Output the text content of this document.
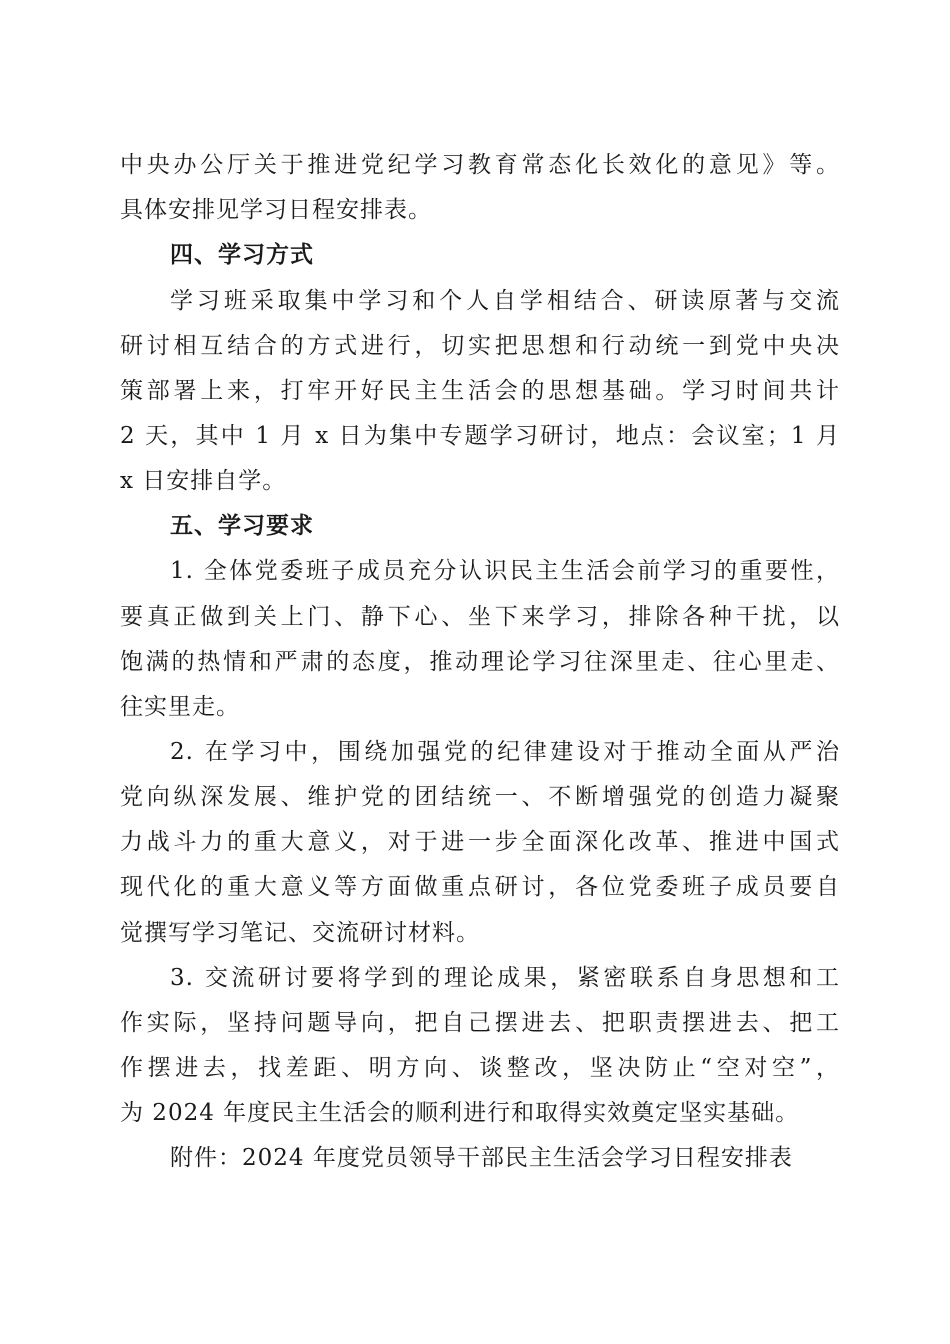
中央办公厅关于推进党纪学习教育常态化长效化的意见》等。
具体安排见学习日程安排表。
四、学习方式
学习班采取集中学习和个人自学相结合、研读原著与交流
研讨相互结合的方式进行，切实把思想和行动统一到党中央决
策部署上来，打牢开好民主生活会的思想基础。学习时间共计
2 天，其中 1 月 x 日为集中专题学习研讨，地点：会议室；1 月
x 日安排自学。
五、学习要求
1. 全体党委班子成员充分认识民主生活会前学习的重要性，
要真正做到关上门、静下心、坐下来学习，排除各种干扰，以
饱满的热情和严肃的态度，推动理论学习往深里走、往心里走、
往实里走。
2. 在学习中，围绕加强党的纪律建设对于推动全面从严治
党向纵深发展、维护党的团结统一、不断增强党的创造力凝聚
力战斗力的重大意义，对于进一步全面深化改革、推进中国式
现代化的重大意义等方面做重点研讨，各位党委班子成员要自
觉撰写学习笔记、交流研讨材料。
3. 交流研讨要将学到的理论成果，紧密联系自身思想和工
作实际，坚持问题导向，把自己摆进去、把职责摆进去、把工
作摆进去，找差距、明方向、谈整改，坚决防止“空对空”，
为 2024 年度民主生活会的顺利进行和取得实效奠定坚实基础。
附件：2024 年度党员领导干部民主生活会学习日程安排表
